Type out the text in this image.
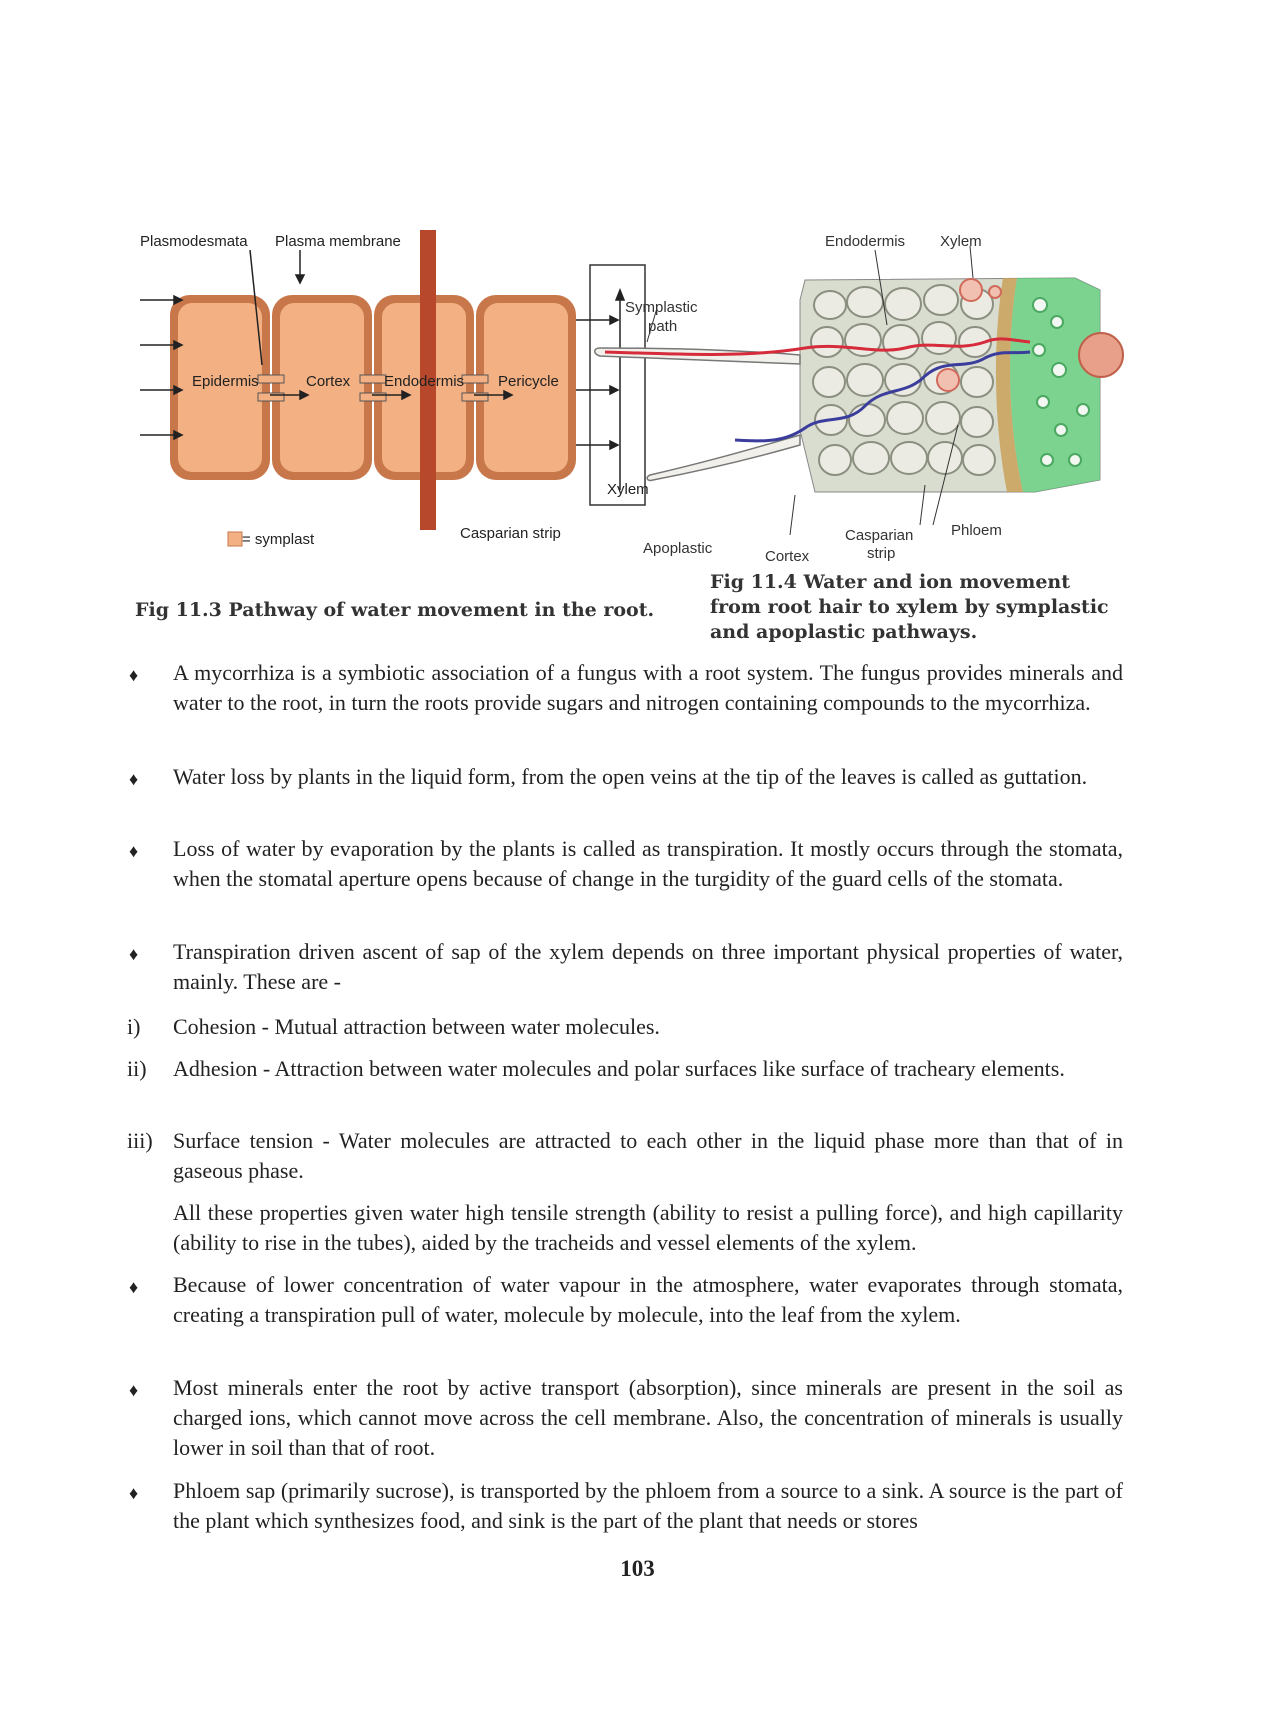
Plasmodesmata Plasma membrane
Epidermis	Cortex Endodermis Pericycle
Xylem
= symplast	Casparian strip
Endodermis Xylem
Symplastic
path
Apoplastic	Cortex
Casparian
strip
Phloem
Fig 11.3 Pathway of water movement in the root.
Fig 11.4 Water and ion movement from root hair to xylem by symplastic and apoplastic pathways.
♦ A mycorrhiza is a symbiotic association of a fungus with a root system. The fungus provides minerals and water to the root, in turn the roots provide sugars and nitrogen containing compounds to the mycorrhiza.
♦ Water loss by plants in the liquid form, from the open veins at the tip of the leaves is called as guttation.
♦ Loss of water by evaporation by the plants is called as transpiration. It mostly occurs through the stomata, when the stomatal aperture opens because of change in the turgidity of the guard cells of the stomata.
♦ Transpiration driven ascent of sap of the xylem depends on three important physical properties of water, mainly. These are -
i) Cohesion - Mutual attraction between water molecules.
ii) Adhesion - Attraction between water molecules and polar surfaces like surface of tracheary elements.
iii) Surface tension - Water molecules are attracted to each other in the liquid phase more than that of in gaseous phase.
All these properties given water high tensile strength (ability to resist a pulling force), and high capillarity (ability to rise in the tubes), aided by the tracheids and vessel elements of the xylem.
♦ Because of lower concentration of water vapour in the atmosphere, water evaporates through stomata, creating a transpiration pull of water, molecule by molecule, into the leaf from the xylem.
♦ Most minerals enter the root by active transport (absorption), since minerals are present in the soil as charged ions, which cannot move across the cell membrane. Also, the concentration of minerals is usually lower in soil than that of root.
♦ Phloem sap (primarily sucrose), is transported by the phloem from a source to a sink. A source is the part of the plant which synthesizes food, and sink is the part of the plant that needs or stores
103
